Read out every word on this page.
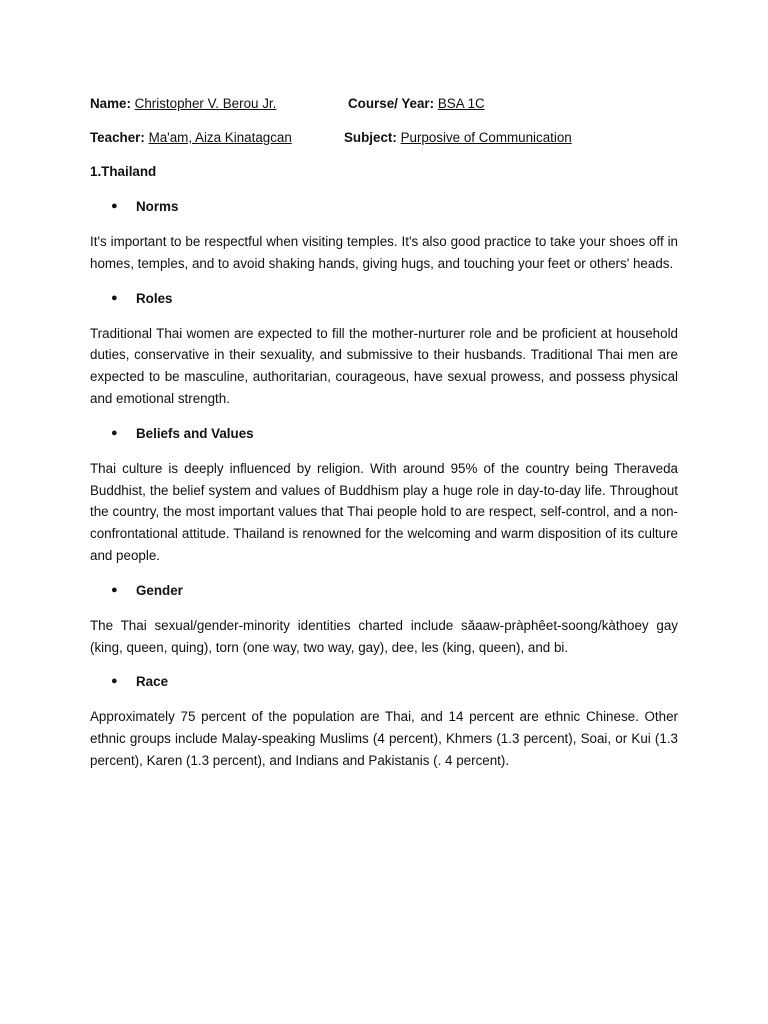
Name: Christopher V. Berou Jr.	Course/ Year: BSA 1C
Teacher: Ma'am, Aiza Kinatagcan	Subject: Purposive of Communication
1.Thailand
●	Norms

It's important to be respectful when visiting temples. It's also good practice to take your shoes off in homes, temples, and to avoid shaking hands, giving hugs, and touching your feet or others' heads.

●	Roles

Traditional Thai women are expected to fill the mother-nurturer role and be proficient at household duties, conservative in their sexuality, and submissive to their husbands. Traditional Thai men are expected to be masculine, authoritarian, courageous, have sexual prowess, and possess physical and emotional strength.

●	Beliefs and Values

Thai culture is deeply influenced by religion. With around 95% of the country being Theraveda Buddhist, the belief system and values of Buddhism play a huge role in day-to-day life. Throughout the country, the most important values that Thai people hold to are respect, self-control, and a non-confrontational attitude. Thailand is renowned for the welcoming and warm disposition of its culture and people.

●	Gender

The Thai sexual/gender-minority identities charted include sǎaaw-pràphêet-soong/kàthoey gay (king, queen, quing), torn (one way, two way, gay), dee, les (king, queen), and bi.

●	Race

Approximately 75 percent of the population are Thai, and 14 percent are ethnic Chinese. Other ethnic groups include Malay-speaking Muslims (4 percent), Khmers (1.3 percent), Soai, or Kui (1.3 percent), Karen (1.3 percent), and Indians and Pakistanis (. 4 percent).
